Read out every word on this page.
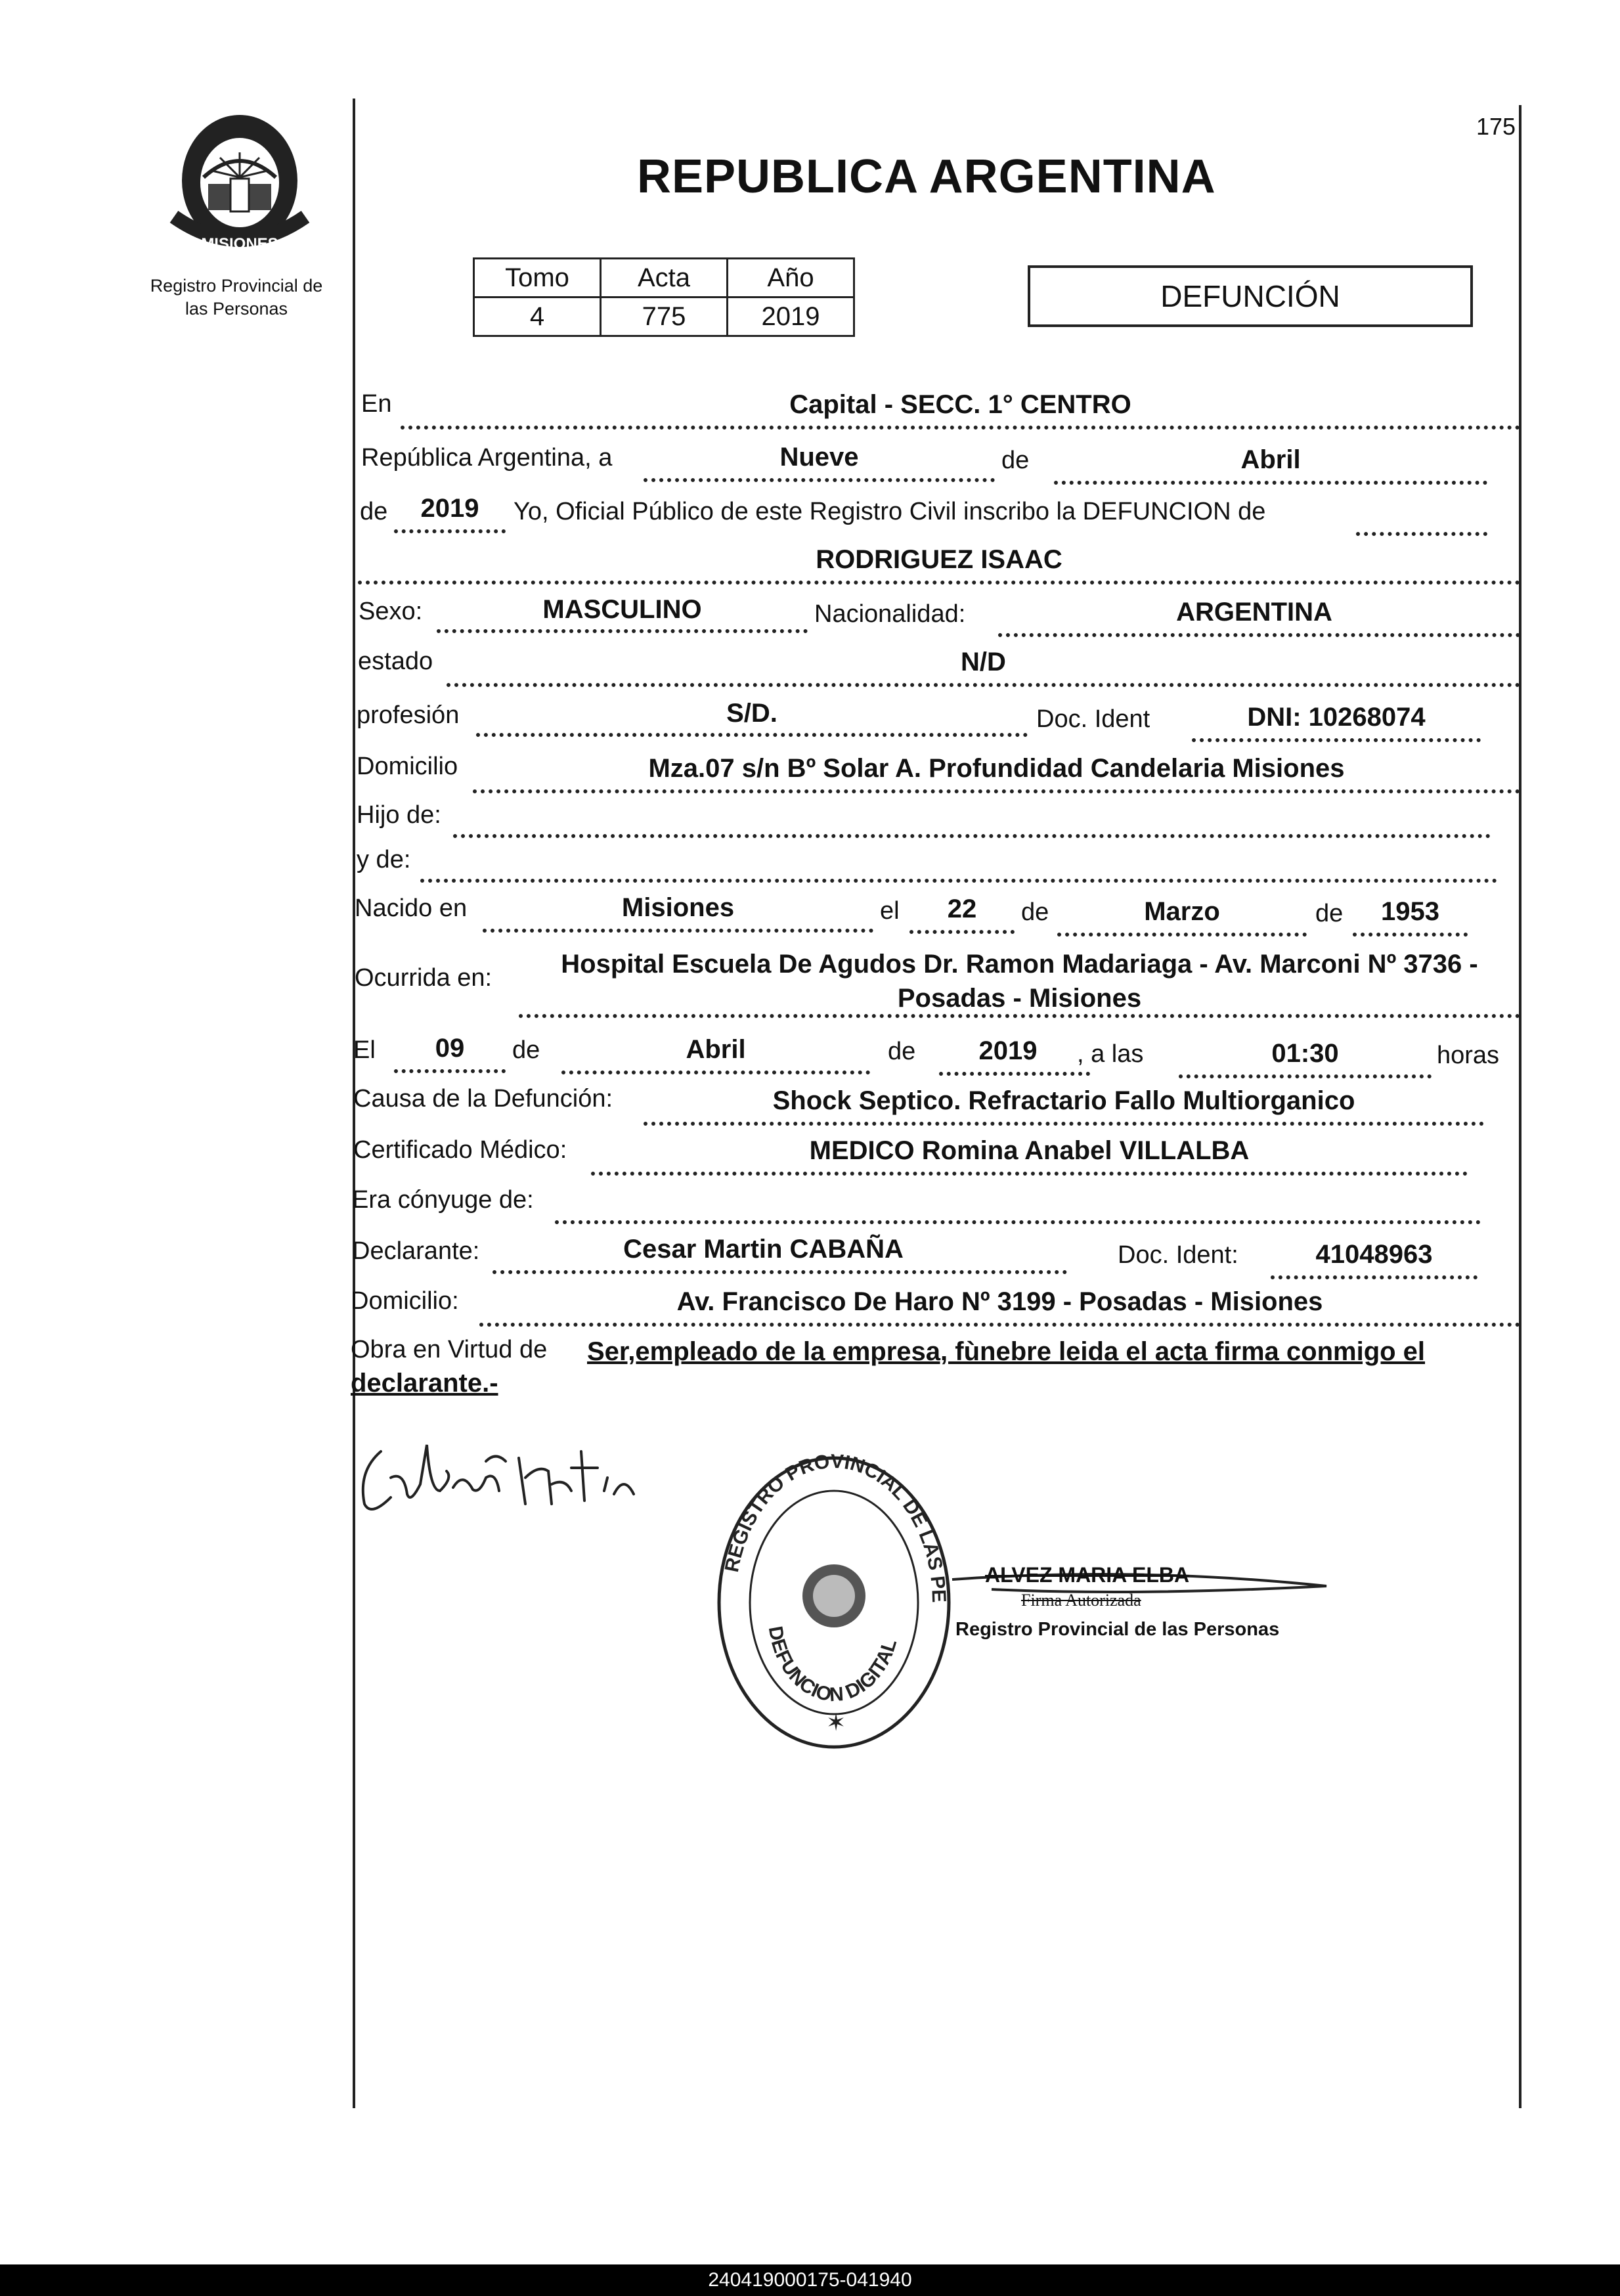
175
PROVINCIA DE
MISIONES
Registro Provincial de
las Personas
REPUBLICA ARGENTINA
Tomo	Acta	Año
4	775	2019
DEFUNCIÓN
En	Capital - SECC. 1° CENTRO
República Argentina, a	Nueve	de	Abril
de	2019	Yo, Oficial Público de este Registro Civil inscribo la DEFUNCION de
RODRIGUEZ ISAAC
Sexo:	MASCULINO	Nacionalidad:	ARGENTINA
estado	N/D
profesión	S/D.	Doc. Ident	DNI: 10268074
Domicilio	Mza.07 s/n Bº Solar A. Profundidad Candelaria Misiones
Hijo de:
y de:
Nacido en	Misiones	el	22	de	Marzo	de	1953
Ocurrida en:	Hospital Escuela De Agudos Dr. Ramon Madariaga - Av. Marconi Nº 3736 -
Posadas - Misiones
El	09	de	Abril	de	2019	, a las	01:30	horas
Causa de la Defunción:	Shock Septico. Refractario Fallo Multiorganico
Certificado Médico:	MEDICO Romina Anabel VILLALBA
Era cónyuge de:
Declarante:	Cesar Martin CABAÑA	Doc. Ident:	41048963
Domicilio:	Av. Francisco De Haro Nº 3199 - Posadas - Misiones
Obra en Virtud de Ser,empleado de la empresa, fùnebre leida el acta firma conmigo el
declarante.-
REGISTRO PROVINCIAL DE LAS PE
DEFUNCION DIGITAL
✶
ALVEZ MARIA ELBA
Firma Autorizada
Registro Provincial de las Personas
240419000175-041940
